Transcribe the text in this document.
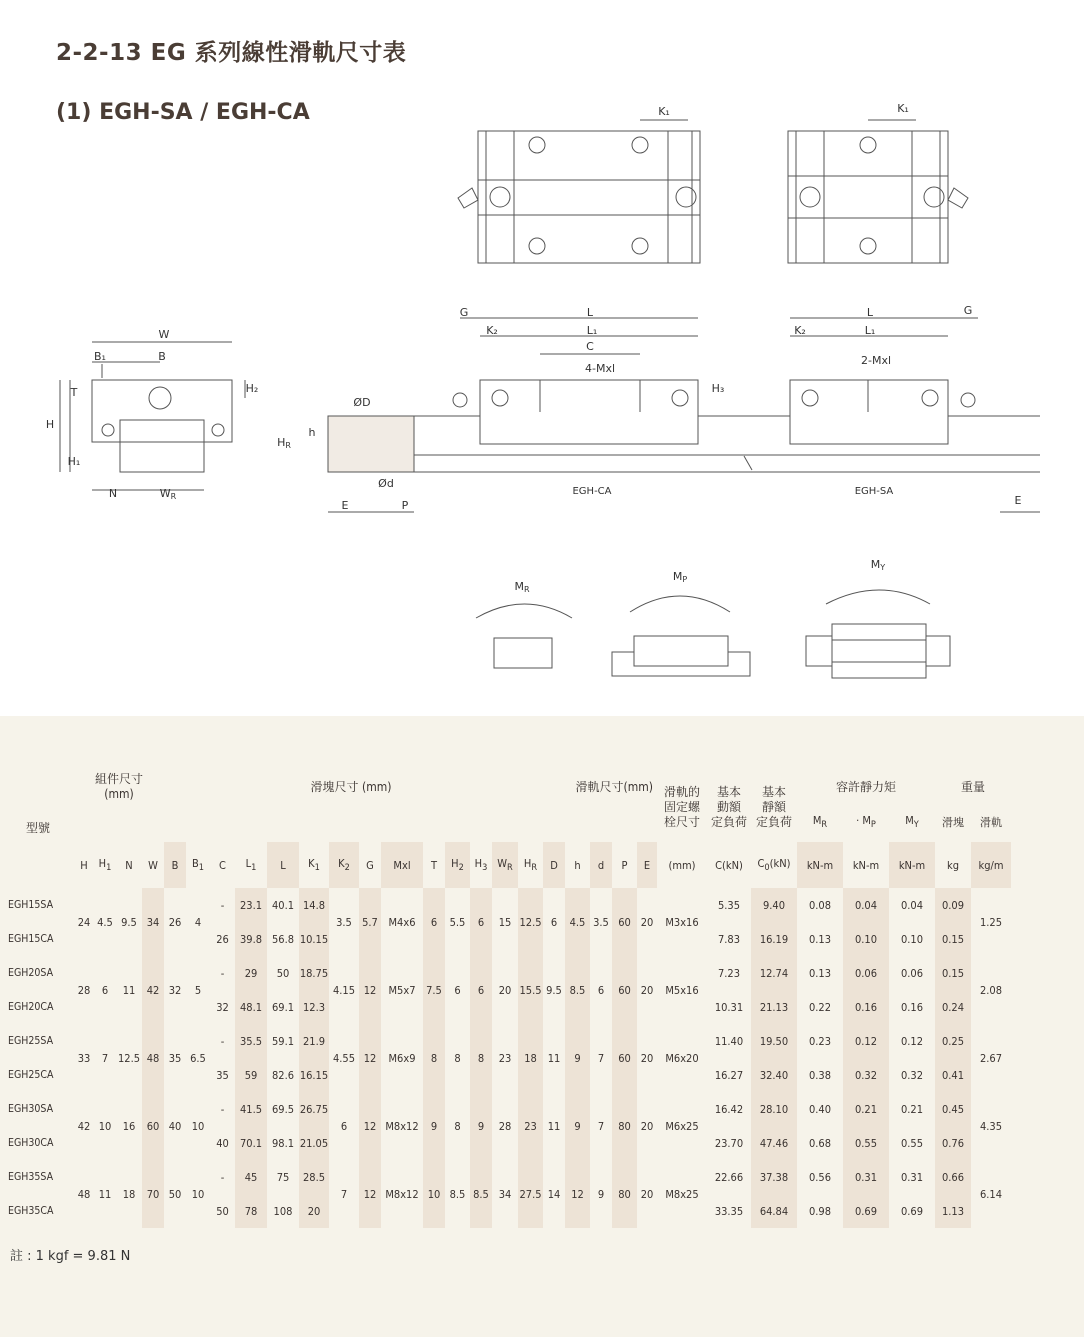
2-2-13 EG 系列線性滑軌尺寸表
(1) EGH-SA / EGH-CA	K₁	K₁
W
B₁	B
H
T	H₂
H₁
N	WR
ØD
h
HR
Ød
E	P
G	L
K₂	L₁
C
4-Mxl
H₃
L	G
K₂	L₁
2-Mxl
EGH-CA	EGH-SA
E
MR
MP
MY
型號	組件尺寸
(mm)						滑塊尺寸 (mm)										滑軌尺寸(mm)							滑軌的
固定螺
栓尺寸	基本
動額
定負荷	基本
靜額
定負荷	容許靜力矩			重量	
																											$M_R$	· $M_P$	$M_Y$	滑塊	滑軌
	H	$H_1$	N	W	B	$B_1$	C	$L_1$	L	$K_1$	$K_2$	G	Mxl	T	$H_2$	$H_3$	$W_R$	$H_R$	D	h	d	P	E	(mm)	C(kN)	$C_0(kN)$	kN-m	kN-m	kN-m	kg	kg/m
EGH15SA	24	4.5	9.5	34	26	4	-	23.1	40.1	14.8	3.5	5.7	M4x6	6	5.5	6	15	12.5	6	4.5	3.5	60	20	M3x16	5.35	9.40	0.08	0.04	0.04	0.09	1.25
EGH15CA							26	39.8	56.8	10.15															7.83	16.19	0.13	0.10	0.10	0.15	
EGH20SA	28	6	11	42	32	5	-	29	50	18.75	4.15	12	M5x7	7.5	6	6	20	15.5	9.5	8.5	6	60	20	M5x16	7.23	12.74	0.13	0.06	0.06	0.15	2.08
EGH20CA							32	48.1	69.1	12.3															10.31	21.13	0.22	0.16	0.16	0.24	
EGH25SA	33	7	12.5	48	35	6.5	-	35.5	59.1	21.9	4.55	12	M6x9	8	8	8	23	18	11	9	7	60	20	M6x20	11.40	19.50	0.23	0.12	0.12	0.25	2.67
EGH25CA							35	59	82.6	16.15															16.27	32.40	0.38	0.32	0.32	0.41	
EGH30SA	42	10	16	60	40	10	-	41.5	69.5	26.75	6	12	M8x12	9	8	9	28	23	11	9	7	80	20	M6x25	16.42	28.10	0.40	0.21	0.21	0.45	4.35
EGH30CA							40	70.1	98.1	21.05															23.70	47.46	0.68	0.55	0.55	0.76	
EGH35SA	48	11	18	70	50	10	-	45	75	28.5	7	12	M8x12	10	8.5	8.5	34	27.5	14	12	9	80	20	M8x25	22.66	37.38	0.56	0.31	0.31	0.66	6.14
EGH35CA							50	78	108	20															33.35	64.84	0.98	0.69	0.69	1.13	
註 : 1 kgf = 9.81 N
